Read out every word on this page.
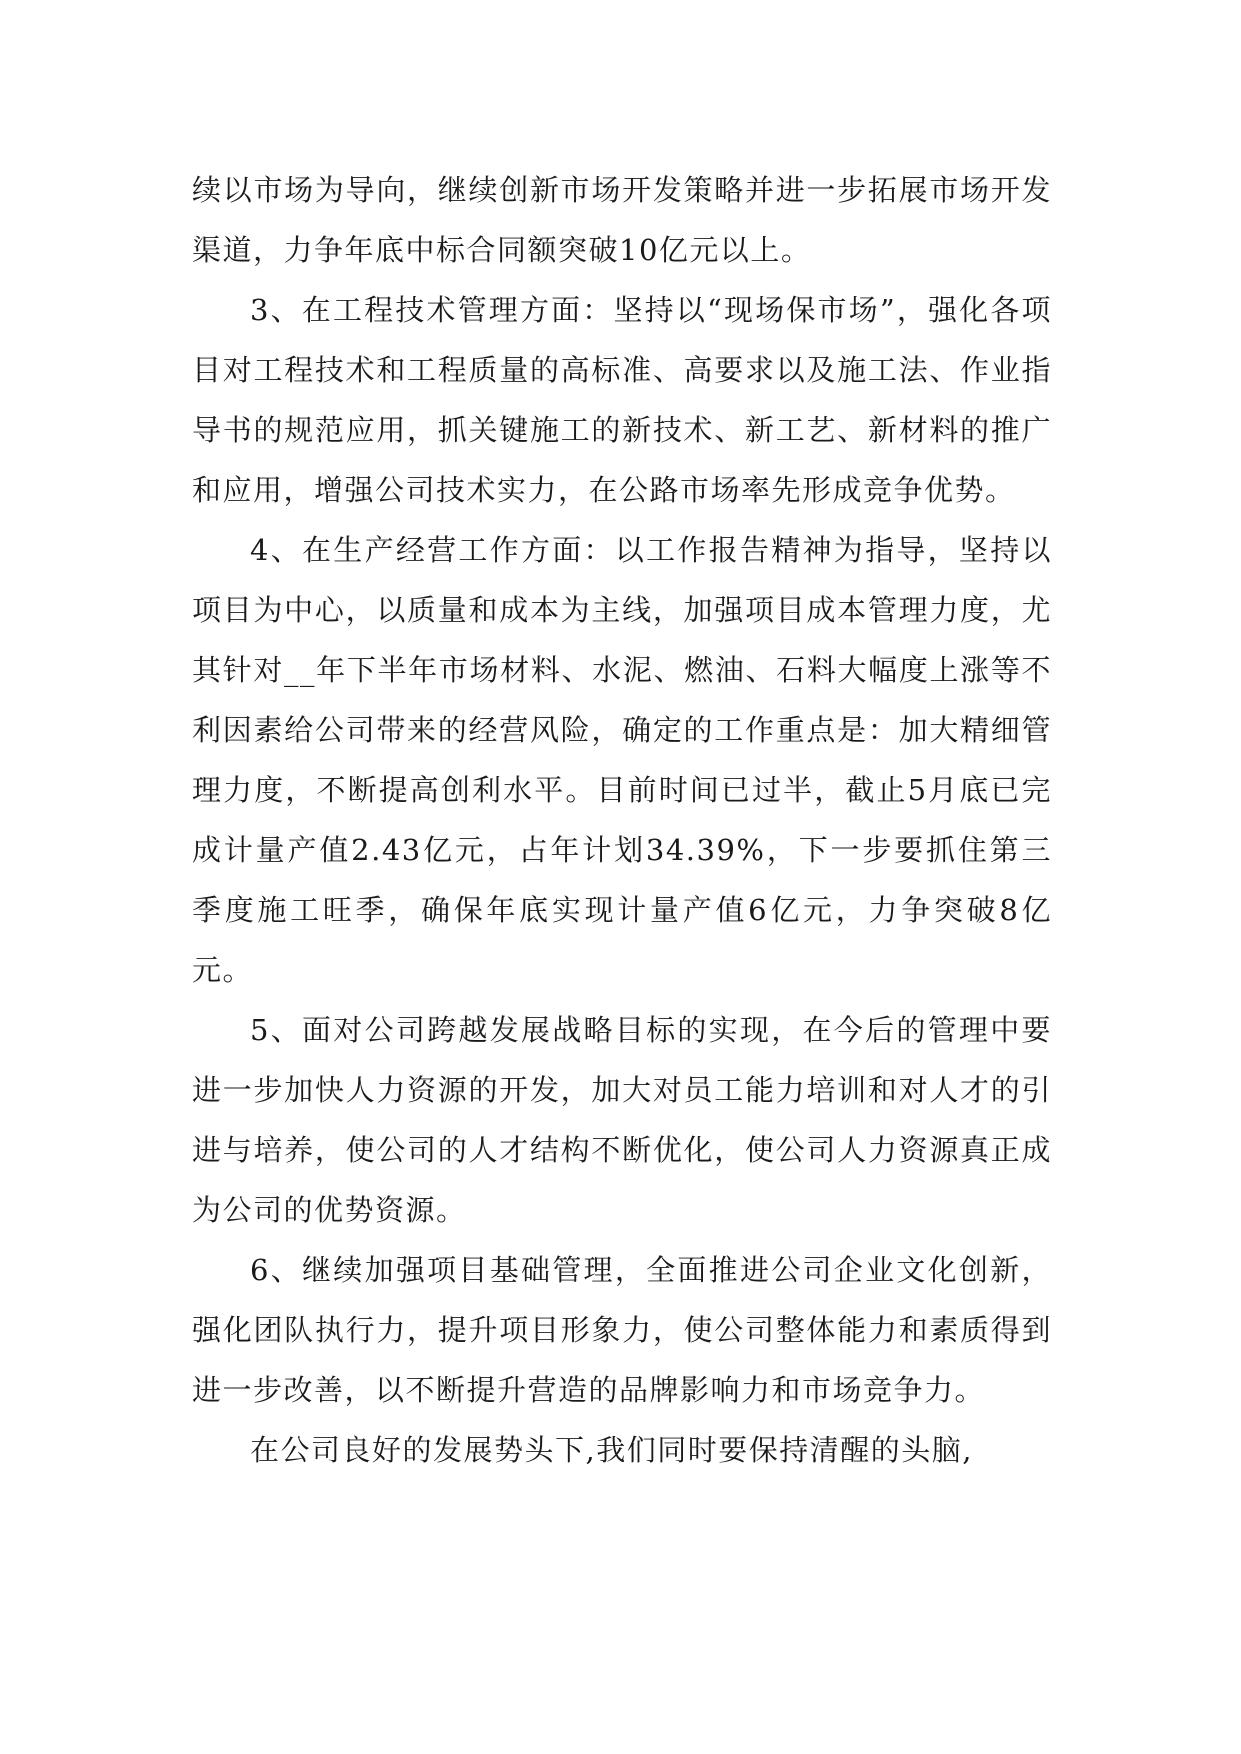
续以市场为导向，继续创新市场开发策略并进一步拓展市场开发渠道，力争年底中标合同额突破10亿元以上。

3、在工程技术管理方面：坚持以“现场保市场”，强化各项目对工程技术和工程质量的高标准、高要求以及施工法、作业指导书的规范应用，抓关键施工的新技术、新工艺、新材料的推广和应用，增强公司技术实力，在公路市场率先形成竞争优势。

4、在生产经营工作方面：以工作报告精神为指导，坚持以项目为中心，以质量和成本为主线，加强项目成本管理力度，尤其针对__年下半年市场材料、水泥、燃油、石料大幅度上涨等不利因素给公司带来的经营风险，确定的工作重点是：加大精细管理力度，不断提高创利水平。目前时间已过半，截止5月底已完成计量产值2.43亿元，占年计划34.39%，下一步要抓住第三季度施工旺季，确保年底实现计量产值6亿元，力争突破8亿元。

5、面对公司跨越发展战略目标的实现，在今后的管理中要进一步加快人力资源的开发，加大对员工能力培训和对人才的引进与培养，使公司的人才结构不断优化，使公司人力资源真正成为公司的优势资源。

6、继续加强项目基础管理，全面推进公司企业文化创新，强化团队执行力，提升项目形象力，使公司整体能力和素质得到进一步改善，以不断提升营造的品牌影响力和市场竞争力。

在公司良好的发展势头下,我们同时要保持清醒的头脑,
